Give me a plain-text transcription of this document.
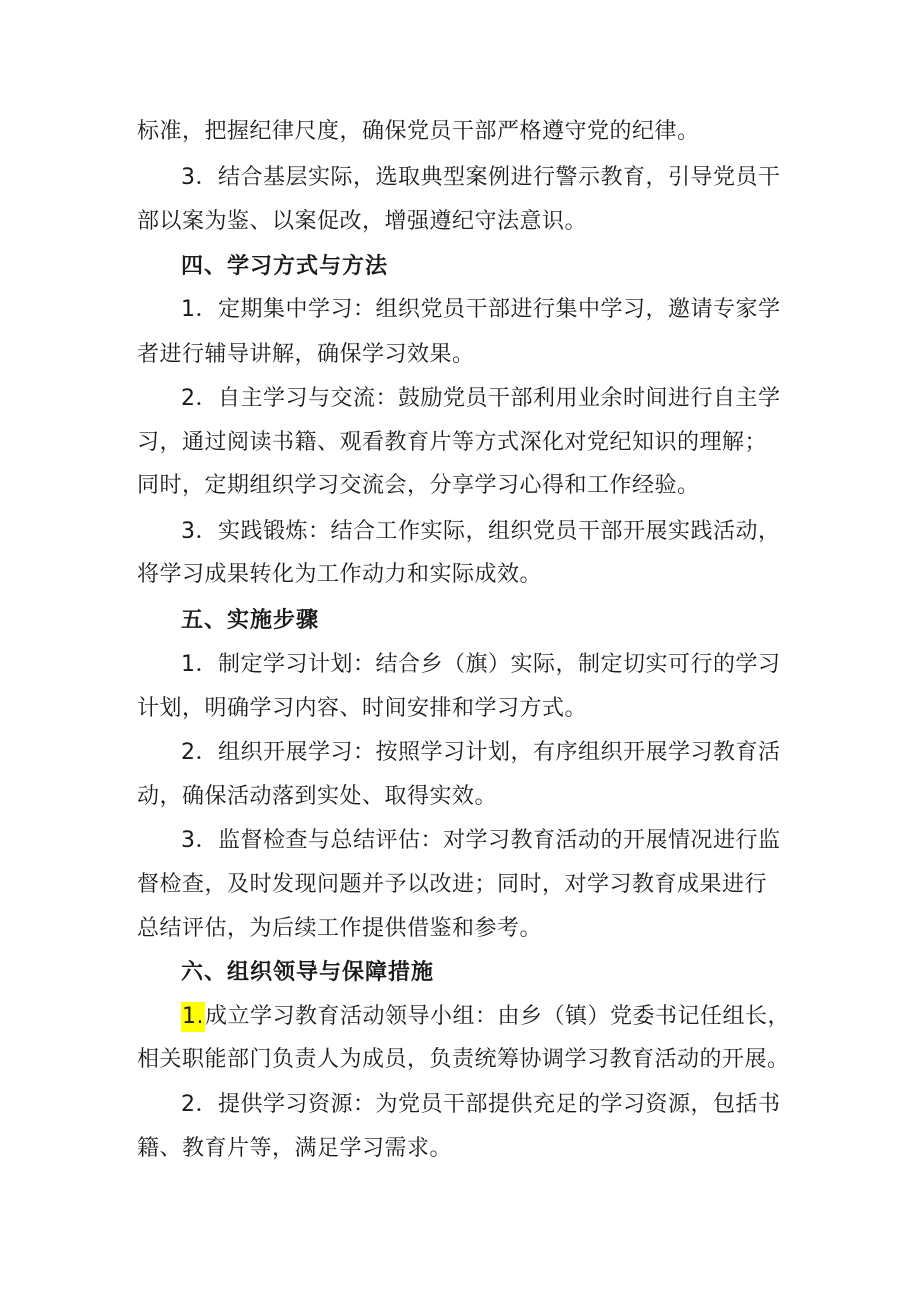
标准，把握纪律尺度，确保党员干部严格遵守党的纪律。
3．结合基层实际，选取典型案例进行警示教育，引导党员干
部以案为鉴、以案促改，增强遵纪守法意识。
四、学习方式与方法
1．定期集中学习：组织党员干部进行集中学习，邀请专家学
者进行辅导讲解，确保学习效果。
2．自主学习与交流：鼓励党员干部利用业余时间进行自主学
习，通过阅读书籍、观看教育片等方式深化对党纪知识的理解；
同时，定期组织学习交流会，分享学习心得和工作经验。
3．实践锻炼：结合工作实际，组织党员干部开展实践活动，
将学习成果转化为工作动力和实际成效。
五、实施步骤
1．制定学习计划：结合乡（旗）实际，制定切实可行的学习
计划，明确学习内容、时间安排和学习方式。
2．组织开展学习：按照学习计划，有序组织开展学习教育活
动，确保活动落到实处、取得实效。
3．监督检查与总结评估：对学习教育活动的开展情况进行监
督检查，及时发现问题并予以改进；同时，对学习教育成果进行
总结评估，为后续工作提供借鉴和参考。
六、组织领导与保障措施
1.成立学习教育活动领导小组：由乡（镇）党委书记任组长，
相关职能部门负责人为成员，负责统筹协调学习教育活动的开展。
2．提供学习资源：为党员干部提供充足的学习资源，包括书
籍、教育片等，满足学习需求。
